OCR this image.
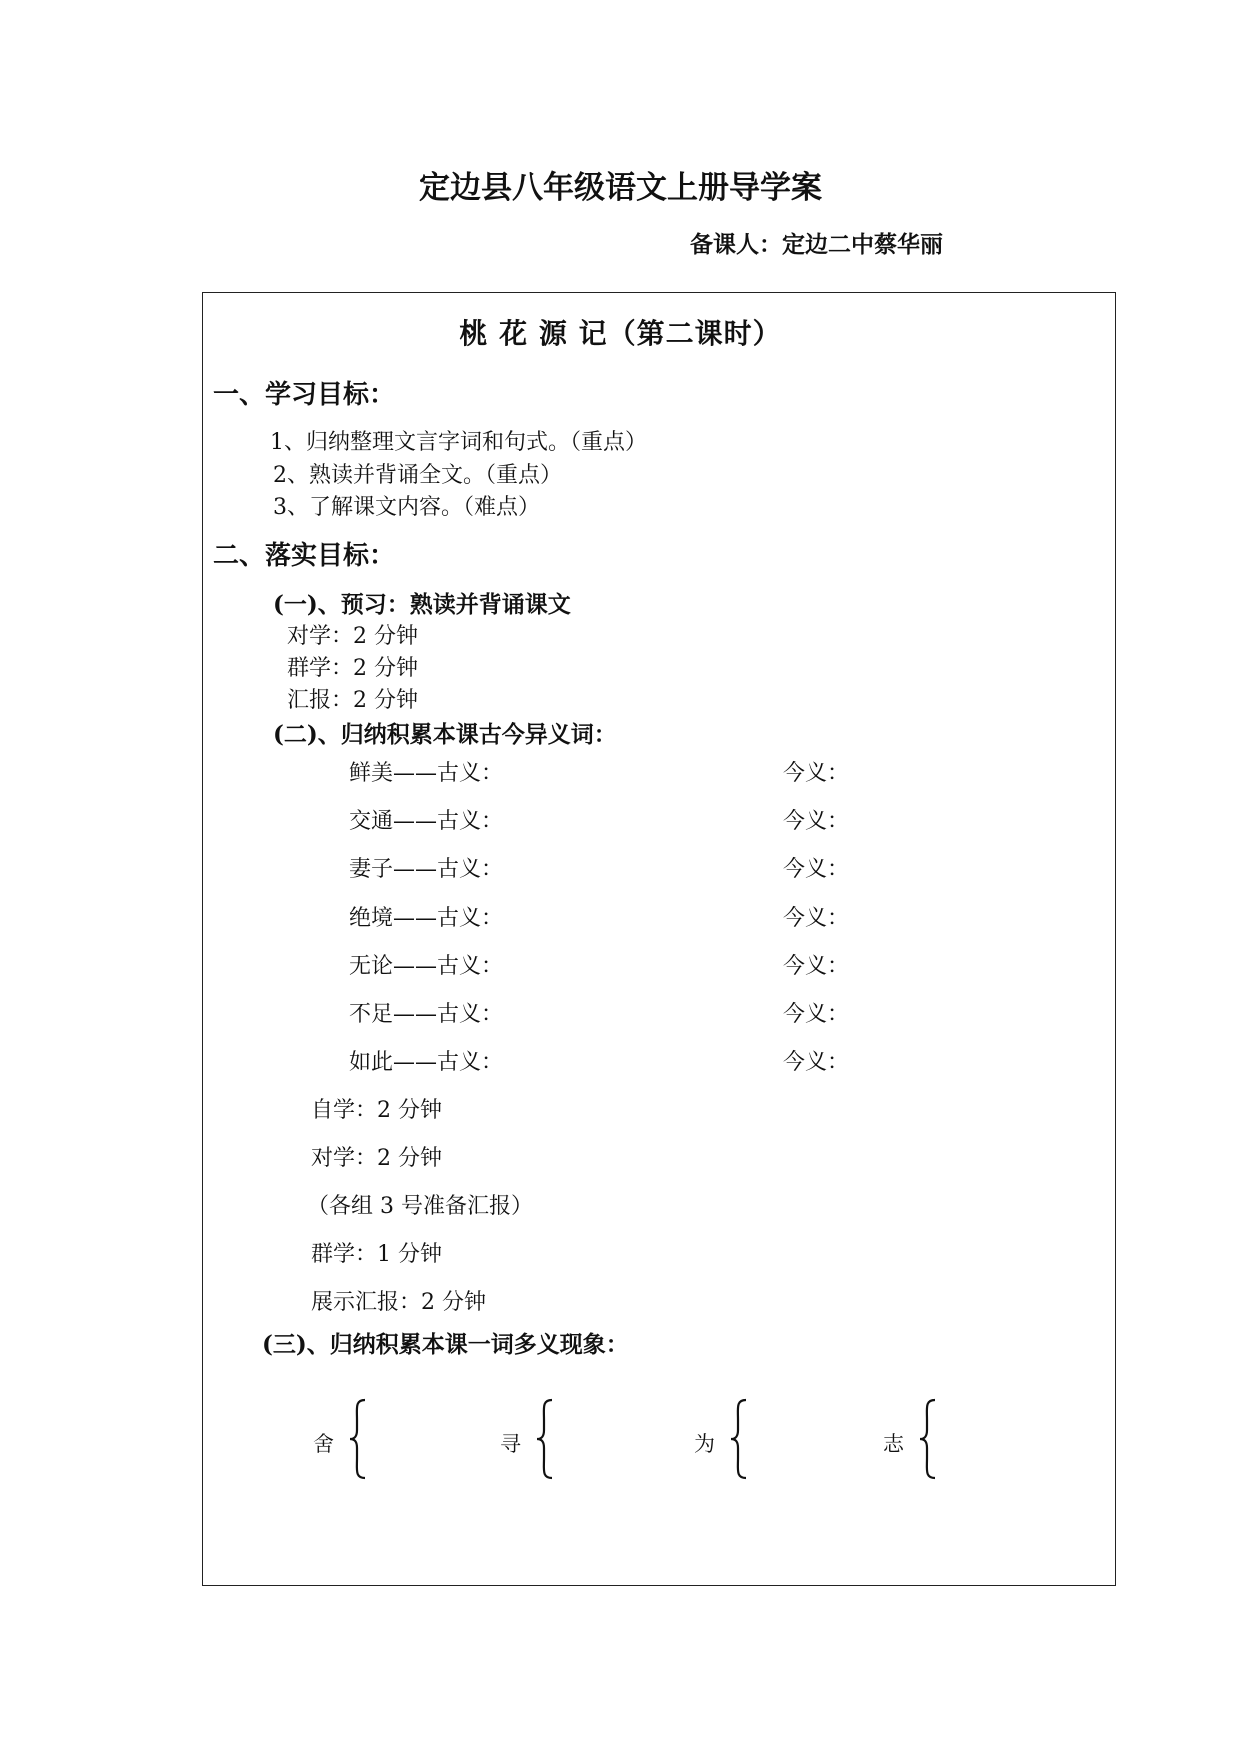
定边县八年级语文上册导学案
备课人：定边二中蔡华丽
桃 花 源 记（第二课时）
一、学习目标：
1、归纳整理文言字词和句式。（重点）
2、熟读并背诵全文。（重点）
3、了解课文内容。（难点）
二、落实目标：
(一)、预习：熟读并背诵课文
对学：2 分钟
群学：2 分钟
汇报：2 分钟
(二)、归纳积累本课古今异义词：
鲜美——古义：	今义：
交通——古义：	今义：
妻子——古义：	今义：
绝境——古义：	今义：
无论——古义：	今义：
不足——古义：	今义：
如此——古义：	今义：
自学：2 分钟
对学：2 分钟
（各组 3 号准备汇报）
群学：1 分钟
展示汇报：2 分钟
(三)、归纳积累本课一词多义现象：
舍	寻	为	志
